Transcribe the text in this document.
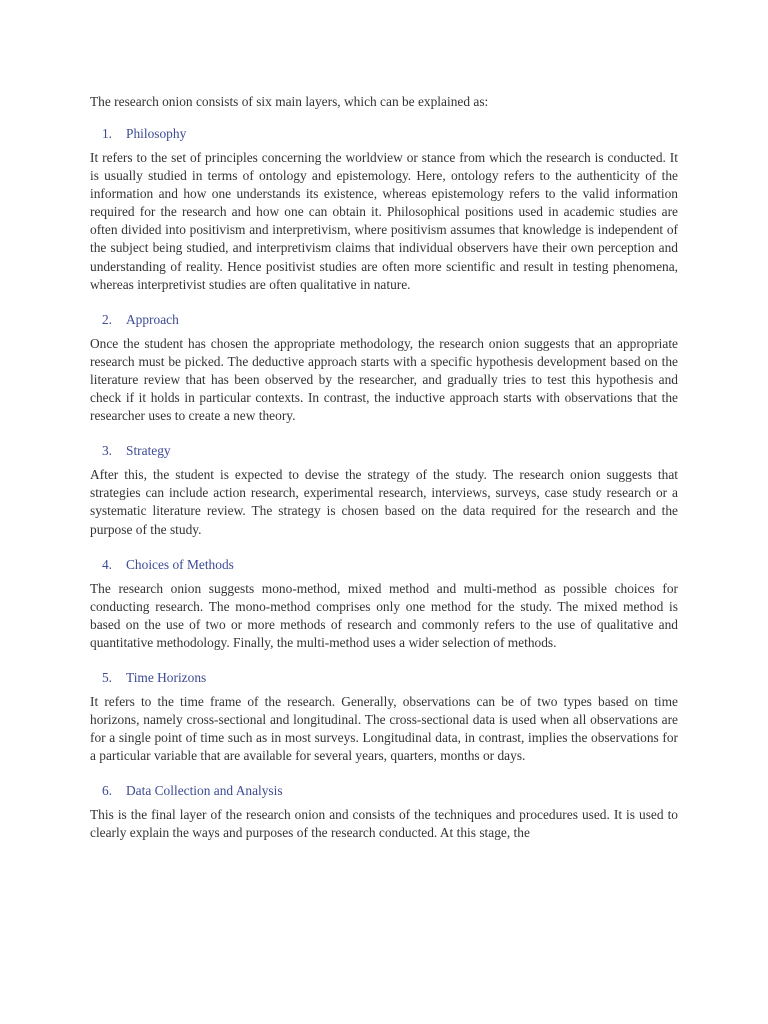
The research onion consists of six main layers, which can be explained as:

1.	Philosophy

It refers to the set of principles concerning the worldview or stance from which the research is conducted. It is usually studied in terms of ontology and epistemology. Here, ontology refers to the authenticity of the information and how one understands its existence, whereas epistemology refers to the valid information required for the research and how one can obtain it. Philosophical positions used in academic studies are often divided into positivism and interpretivism, where positivism assumes that knowledge is independent of the subject being studied, and interpretivism claims that individual observers have their own perception and understanding of reality. Hence positivist studies are often more scientific and result in testing phenomena, whereas interpretivist studies are often qualitative in nature.

2.	Approach

Once the student has chosen the appropriate methodology, the research onion suggests that an appropriate research must be picked. The deductive approach starts with a specific hypothesis development based on the literature review that has been observed by the researcher, and gradually tries to test this hypothesis and check if it holds in particular contexts. In contrast, the inductive approach starts with observations that the researcher uses to create a new theory.

3.	Strategy

After this, the student is expected to devise the strategy of the study. The research onion suggests that strategies can include action research, experimental research, interviews, surveys, case study research or a systematic literature review. The strategy is chosen based on the data required for the research and the purpose of the study.

4.	Choices of Methods

The research onion suggests mono-method, mixed method and multi-method as possible choices for conducting research. The mono-method comprises only one method for the study. The mixed method is based on the use of two or more methods of research and commonly refers to the use of qualitative and quantitative methodology. Finally, the multi-method uses a wider selection of methods.

5.	Time Horizons

It refers to the time frame of the research. Generally, observations can be of two types based on time horizons, namely cross-sectional and longitudinal. The cross-sectional data is used when all observations are for a single point of time such as in most surveys. Longitudinal data, in contrast, implies the observations for a particular variable that are available for several years, quarters, months or days.

6.	Data Collection and Analysis

This is the final layer of the research onion and consists of the techniques and procedures used. It is used to clearly explain the ways and purposes of the research conducted. At this stage, the
